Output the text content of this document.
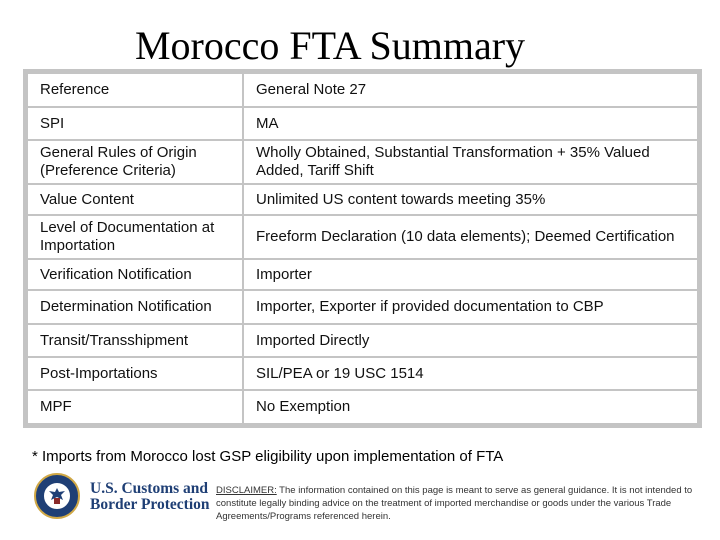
Morocco FTA Summary
Reference	General Note 27
SPI	MA
General Rules of Origin (Preference Criteria)	Wholly Obtained, Substantial Transformation + 35% Valued Added, Tariff Shift
Value Content	Unlimited US content towards meeting 35%
Level of Documentation at Importation	Freeform Declaration (10 data elements); Deemed Certification
Verification Notification	Importer
Determination Notification	Importer, Exporter if provided documentation to CBP
Transit/Transshipment	Imported Directly
Post-Importations	SIL/PEA or 19 USC 1514
MPF	No Exemption
* Imports from Morocco lost GSP eligibility upon implementation of FTA
U.S. Customs and
Border Protection
DISCLAIMER: The information contained on this page is meant to serve as general guidance. It is not intended to constitute legally binding advice on the treatment of imported merchandise or goods under the various Trade Agreements/Programs referenced herein.
